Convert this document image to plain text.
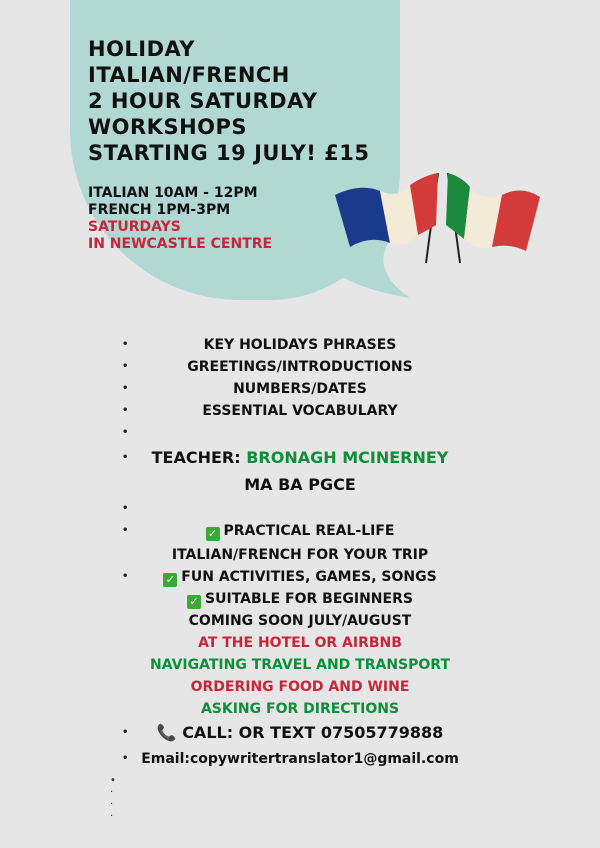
HOLIDAY
ITALIAN/FRENCH
2 HOUR SATURDAY
WORKSHOPS
STARTING 19 JULY! £15
ITALIAN 10AM - 12PM
FRENCH 1PM-3PM
SATURDAYS
IN NEWCASTLE CENTRE
•	KEY HOLIDAYS PHRASES
•	GREETINGS/INTRODUCTIONS
•	NUMBERS/DATES
•	ESSENTIAL VOCABULARY
•
• TEACHER: BRONAGH MCINERNEY
MA BA PGCE
•
•	✓ PRACTICAL REAL-LIFE
ITALIAN/FRENCH FOR YOUR TRIP
•	✓ FUN ACTIVITIES, GAMES, SONGS
✓ SUITABLE FOR BEGINNERS
COMING SOON JULY/AUGUST
AT THE HOTEL OR AIRBNB
NAVIGATING TRAVEL AND TRANSPORT
ORDERING FOOD AND WINE
ASKING FOR DIRECTIONS
• 📞 CALL: OR TEXT 07505779888
• Email:copywritertranslator1@gmail.com
•
·
·
·
